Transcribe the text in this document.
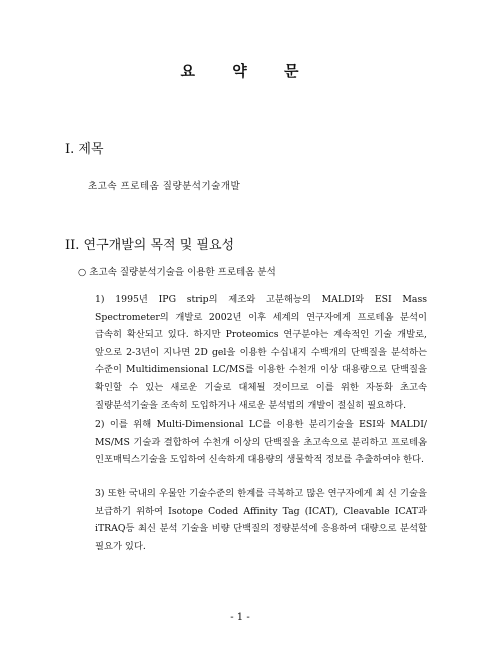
요 약 문
I. 제목
초고속 프로테옴 질량분석기술개발
II. 연구개발의 목적 및 필요성
○ 초고속 질량분석기술을 이용한 프로테옴 분석
1) 1995년 IPG strip의 제조와 고분해능의 MALDI와 ESI Mass Spectrometer의 개발로 2002년 이후 세계의 연구자에게 프로테옴 분석이 급속히 확산되고 있다. 하지만 Proteomics 연구분야는 계속적인 기술 개발로, 앞으로 2-3년이 지나면 2D gel을 이용한 수십내지 수백개의 단백질을 분석하는 수준이 Multidimensional LC/MS를 이용한 수천개 이상 대용량으로 단백질을 확인할 수 있는 새로운 기술로 대체될 것이므로 이를 위한 자동화 초고속 질량분석기술을 조속히 도입하거나 새로운 분석법의 개발이 절실히 필요하다.
2) 이를 위해 Multi-Dimensional LC를 이용한 분리기술을 ESI와 MALDI/ MS/MS 기술과 결합하여 수천개 이상의 단백질을 초고속으로 분리하고 프로테옴 인포매틱스기술을 도입하여 신속하게 대용량의 생물학적 정보를 추출하여야 한다.
3) 또한 국내의 우물안 기술수준의 한계를 극복하고 많은 연구자에게 최 신 기술을 보급하기 위하여 Isotope Coded Affinity Tag (ICAT), Cleavable ICAT과 iTRAQ등 최신 분석 기술을 비량 단백질의 정량분석에 응용하여 대량으로 분석할 필요가 있다.
- 1 -
